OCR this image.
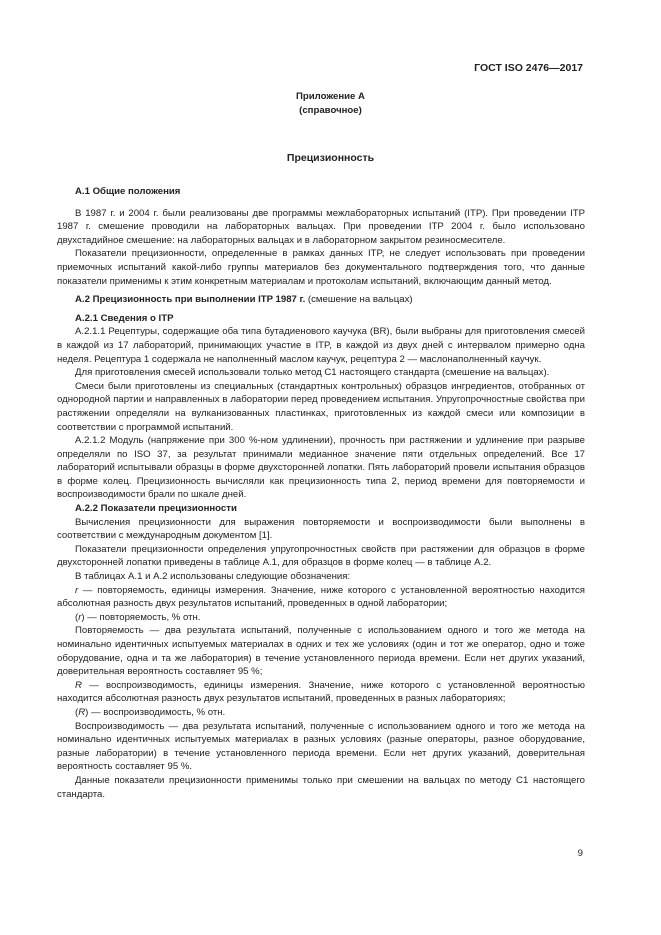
ГОСТ ISO 2476—2017
Приложение А
(справочное)
Прецизионность

А.1 Общие положения

В 1987 г. и 2004 г. были реализованы две программы межлабораторных испытаний (ITP). При проведении ITP 1987 г. смешение проводили на лабораторных вальцах. При проведении ITP 2004 г. было использовано двухстадийное смешение: на лабораторных вальцах и в лабораторном закрытом резиносмесителе.

Показатели прецизионности, определенные в рамках данных ITP, не следует использовать при проведении приемочных испытаний какой-либо группы материалов без документального подтверждения того, что данные показатели применимы к этим конкретным материалам и протоколам испытаний, включающим данный метод.

А.2 Прецизионность при выполнении ITP 1987 г. (смешение на вальцах)

А.2.1 Сведения о ITP

А.2.1.1 Рецептуры, содержащие оба типа бутадиенового каучука (BR), были выбраны для приготовления смесей в каждой из 17 лабораторий, принимающих участие в ITP, в каждой из двух дней с интервалом примерно одна неделя. Рецептура 1 содержала не наполненный маслом каучук, рецептура 2 — маслонаполненный каучук.

Для приготовления смесей использовали только метод С1 настоящего стандарта (смешение на вальцах).

Смеси были приготовлены из специальных (стандартных контрольных) образцов ингредиентов, отобранных от однородной партии и направленных в лаборатории перед проведением испытания. Упругопрочностные свойства при растяжении определяли на вулканизованных пластинках, приготовленных из каждой смеси или композиции в соответствии с программой испытаний.

А.2.1.2 Модуль (напряжение при 300 %-ном удлинении), прочность при растяжении и удлинение при разрыве определяли по ISO 37, за результат принимали медианное значение пяти отдельных определений. Все 17 лабораторий испытывали образцы в форме двухсторонней лопатки. Пять лабораторий провели испытания образцов в форме колец. Прецизионность вычисляли как прецизионность типа 2, период времени для повторяемости и воспроизводимости брали по шкале дней.

А.2.2 Показатели прецизионности

Вычисления прецизионности для выражения повторяемости и воспроизводимости были выполнены в соответствии с международным документом [1].

Показатели прецизионности определения упругопрочностных свойств при растяжении для образцов в форме двухсторонней лопатки приведены в таблице А.1, для образцов в форме колец — в таблице А.2.

В таблицах А.1 и А.2 использованы следующие обозначения:

r — повторяемость, единицы измерения. Значение, ниже которого с установленной вероятностью находится абсолютная разность двух результатов испытаний, проведенных в одной лаборатории;

(r) — повторяемость, % отн.

Повторяемость — два результата испытаний, полученные с использованием одного и того же метода на номинально идентичных испытуемых материалах в одних и тех же условиях (один и тот же оператор, одно и тоже оборудование, одна и та же лаборатория) в течение установленного периода времени. Если нет других указаний, доверительная вероятность составляет 95 %;

R — воспроизводимость, единицы измерения. Значение, ниже которого с установленной вероятностью находится абсолютная разность двух результатов испытаний, проведенных в разных лабораториях;

(R) — воспроизводимость, % отн.

Воспроизводимость — два результата испытаний, полученные с использованием одного и того же метода на номинально идентичных испытуемых материалах в разных условиях (разные операторы, разное оборудование, разные лаборатории) в течение установленного периода времени. Если нет других указаний, доверительная вероятность составляет 95 %.

Данные показатели прецизионности применимы только при смешении на вальцах по методу С1 настоящего стандарта.

9
